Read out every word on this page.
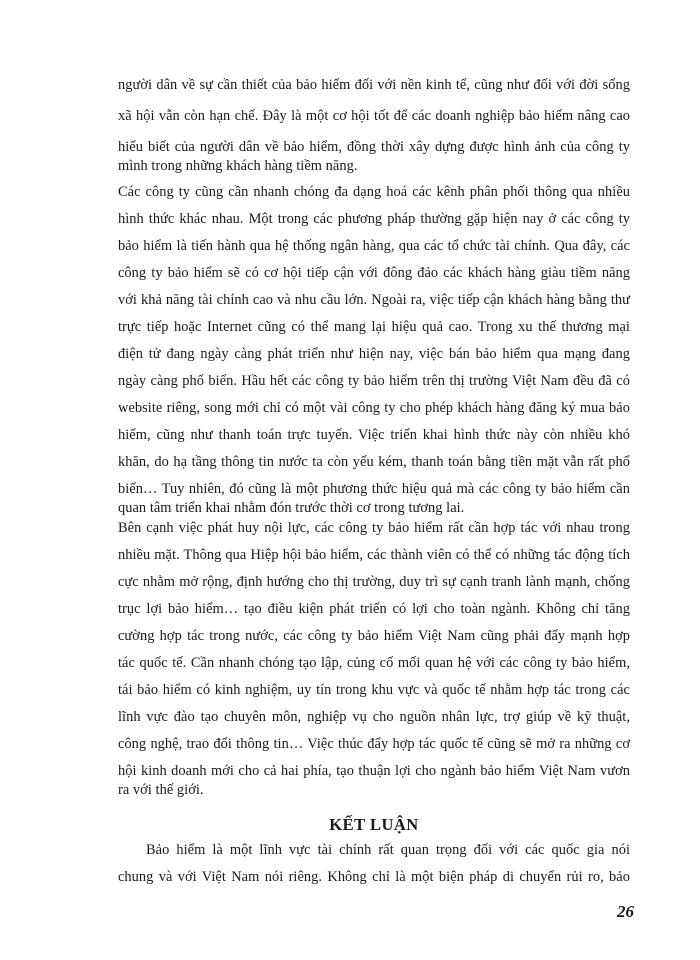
người dân về sự cần thiết của bảo hiểm đối với nền kinh tế, cũng như đối với đời sống
xã hội vẫn còn hạn chế. Đây là một cơ hội tốt để các doanh nghiệp bảo hiểm nâng cao
hiểu biết của người dân về bảo hiểm, đồng thời xây dựng được hình ảnh của công ty
mình trong những khách hàng tiềm năng.
Các công ty cũng cần nhanh chóng đa dạng hoá các kênh phân phối thông qua nhiều
hình thức khác nhau. Một trong các phương pháp thường gặp hiện nay ở các công ty
bảo hiểm là tiến hành qua hệ thống ngân hàng, qua các tổ chức tài chính. Qua đây, các
công ty bảo hiểm sẽ có cơ hội tiếp cận với đông đảo các khách hàng giàu tiềm năng
với khả năng tài chính cao và nhu cầu lớn. Ngoài ra, việc tiếp cận khách hàng bằng thư
trực tiếp hoặc Internet cũng có thể mang lại hiệu quả cao. Trong xu thế thương mại
điện tử đang ngày càng phát triển như hiện nay, việc bán bảo hiểm qua mạng đang
ngày càng phổ biến. Hầu hết các công ty bảo hiểm trên thị trường Việt Nam đều đã có
website riêng, song mới chỉ có một vài công ty cho phép khách hàng đăng ký mua bảo
hiểm, cũng như thanh toán trực tuyến. Việc triển khai hình thức này còn nhiều khó
khăn, do hạ tầng thông tin nước ta còn yếu kém, thanh toán bằng tiền mặt vẫn rất phổ
biến… Tuy nhiên, đó cũng là một phương thức hiệu quả mà các công ty bảo hiểm cần
quan tâm triển khai nhằm đón trước thời cơ trong tương lai.
Bên cạnh việc phát huy nội lực, các công ty bảo hiểm rất cần hợp tác với nhau trong
nhiều mặt. Thông qua Hiệp hội bảo hiểm, các thành viên có thể có những tác động tích
cực nhằm mở rộng, định hướng cho thị trường, duy trì sự cạnh tranh lành mạnh, chống
trục lợi bảo hiểm… tạo điều kiện phát triển có lợi cho toàn ngành. Không chỉ tăng
cường hợp tác trong nước, các công ty bảo hiểm Việt Nam cũng phải đẩy mạnh hợp
tác quốc tế. Cần nhanh chóng tạo lập, củng cố mối quan hệ với các công ty bảo hiểm,
tái bảo hiểm có kinh nghiệm, uy tín trong khu vực và quốc tế nhằm hợp tác trong các
lĩnh vực đào tạo chuyên môn, nghiệp vụ cho nguồn nhân lực, trợ giúp về kỹ thuật,
công nghệ, trao đổi thông tin… Việc thúc đẩy hợp tác quốc tế cũng sẽ mở ra những cơ
hội kinh doanh mới cho cả hai phía, tạo thuận lợi cho ngành bảo hiểm Việt Nam vươn
ra với thế giới.
KẾT LUẬN
Bảo hiểm là một lĩnh vực tài chính rất quan trọng đối với các quốc gia nói
chung và với Việt Nam nói riêng. Không chỉ là một biện pháp di chuyển rủi ro, bảo
26
